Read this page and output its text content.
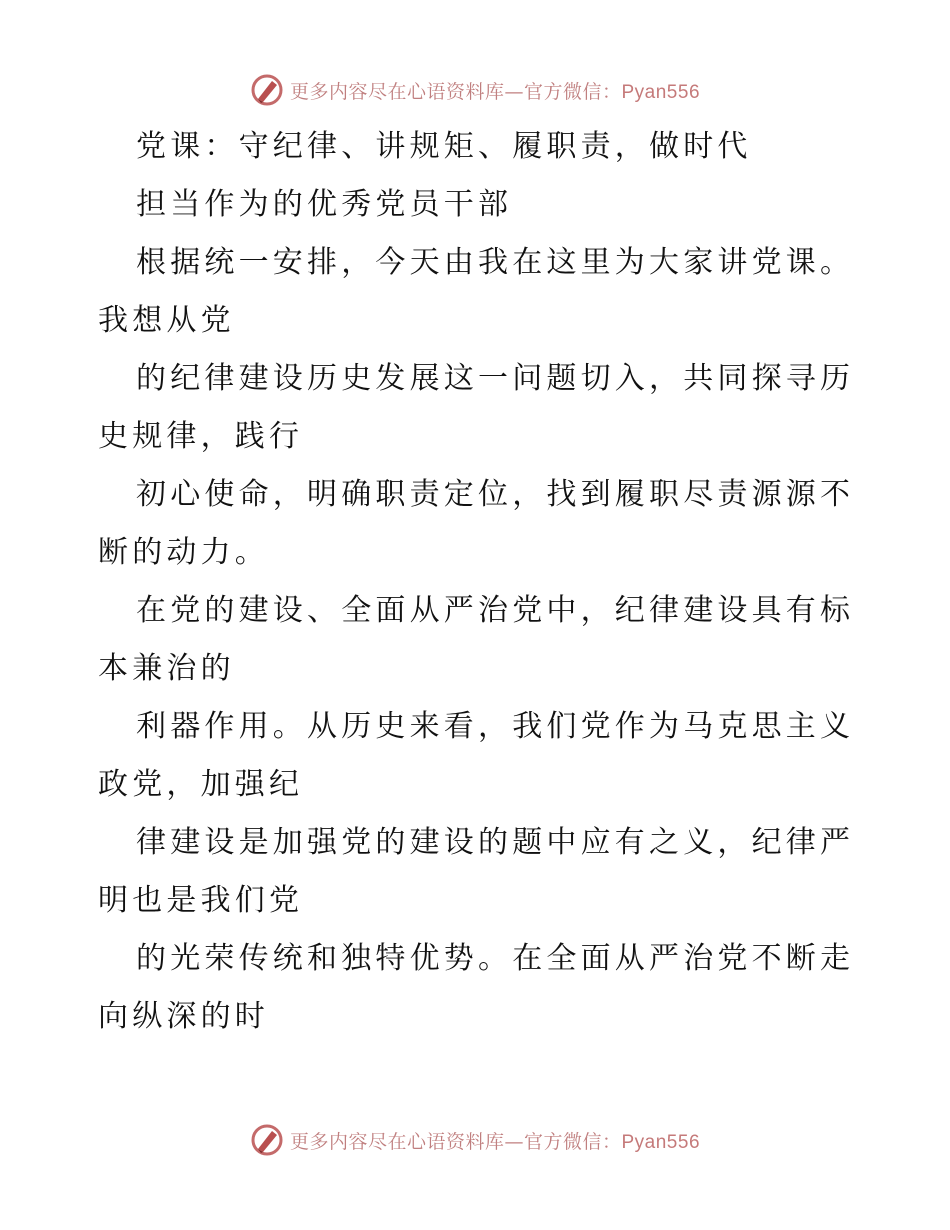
更多内容尽在心语资料库—官方微信：Pyan556
党课：守纪律、讲规矩、履职责，做时代
担当作为的优秀党员干部
根据统一安排，今天由我在这里为大家讲党课。
我想从党
的纪律建设历史发展这一问题切入，共同探寻历
史规律，践行
初心使命，明确职责定位，找到履职尽责源源不
断的动力。
在党的建设、全面从严治党中，纪律建设具有标
本兼治的
利器作用。从历史来看，我们党作为马克思主义
政党，加强纪
律建设是加强党的建设的题中应有之义，纪律严
明也是我们党
的光荣传统和独特优势。在全面从严治党不断走
向纵深的时
更多内容尽在心语资料库—官方微信：Pyan556
